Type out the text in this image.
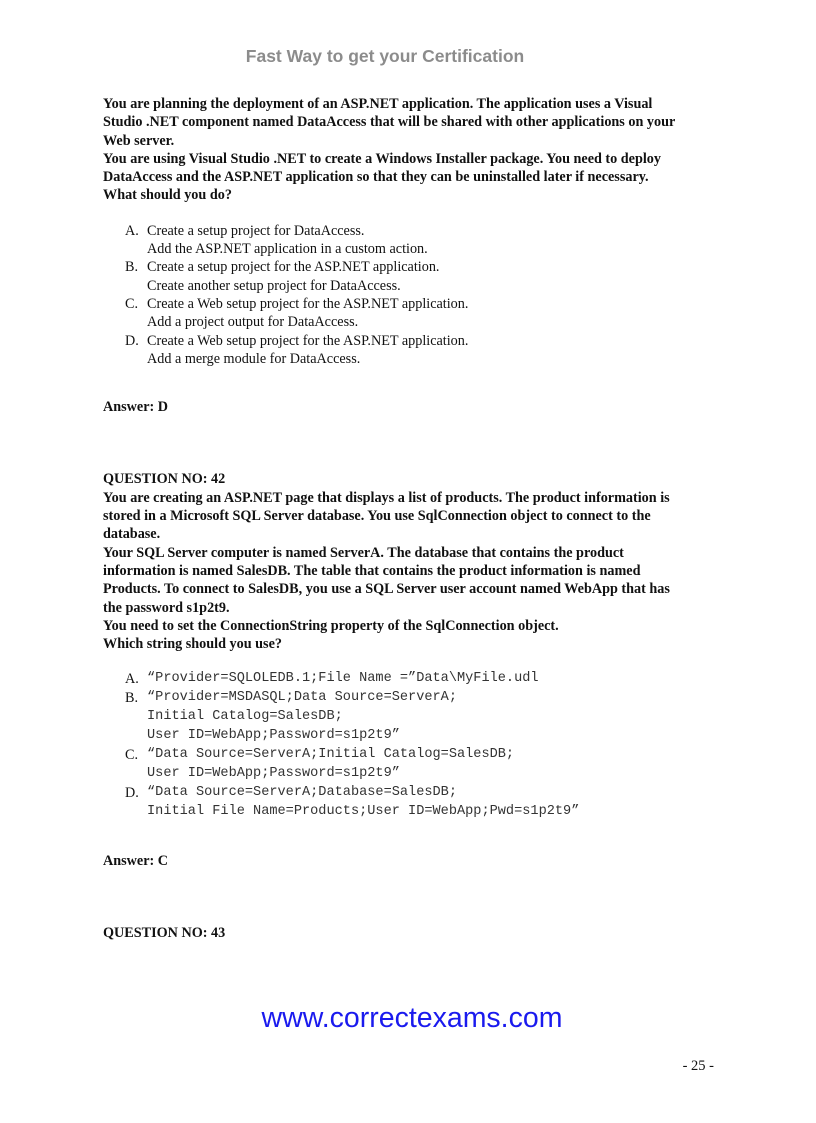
Fast Way to get your Certification
You are planning the deployment of an ASP.NET application. The application uses a Visual
Studio .NET component named DataAccess that will be shared with other applications on your
Web server.
You are using Visual Studio .NET to create a Windows Installer package. You need to deploy
DataAccess and the ASP.NET application so that they can be uninstalled later if necessary.
What should you do?
A. Create a setup project for DataAccess.
Add the ASP.NET application in a custom action.
B. Create a setup project for the ASP.NET application.
Create another setup project for DataAccess.
C. Create a Web setup project for the ASP.NET application.
Add a project output for DataAccess.
D. Create a Web setup project for the ASP.NET application.
Add a merge module for DataAccess.
Answer: D
QUESTION NO: 42
You are creating an ASP.NET page that displays a list of products. The product information is
stored in a Microsoft SQL Server database. You use SqlConnection object to connect to the
database.
Your SQL Server computer is named ServerA. The database that contains the product
information is named SalesDB. The table that contains the product information is named
Products. To connect to SalesDB, you use a SQL Server user account named WebApp that has
the password s1p2t9.
You need to set the ConnectionString property of the SqlConnection object.
Which string should you use?
A. “Provider=SQLOLEDB.1;File Name =”Data\MyFile.udl
B. “Provider=MSDASQL;Data Source=ServerA;
Initial Catalog=SalesDB;
User ID=WebApp;Password=s1p2t9”
C. “Data Source=ServerA;Initial Catalog=SalesDB;
User ID=WebApp;Password=s1p2t9”
D. “Data Source=ServerA;Database=SalesDB;
Initial File Name=Products;User ID=WebApp;Pwd=s1p2t9”
Answer: C
QUESTION NO: 43
www.correctexams.com
- 25 -
